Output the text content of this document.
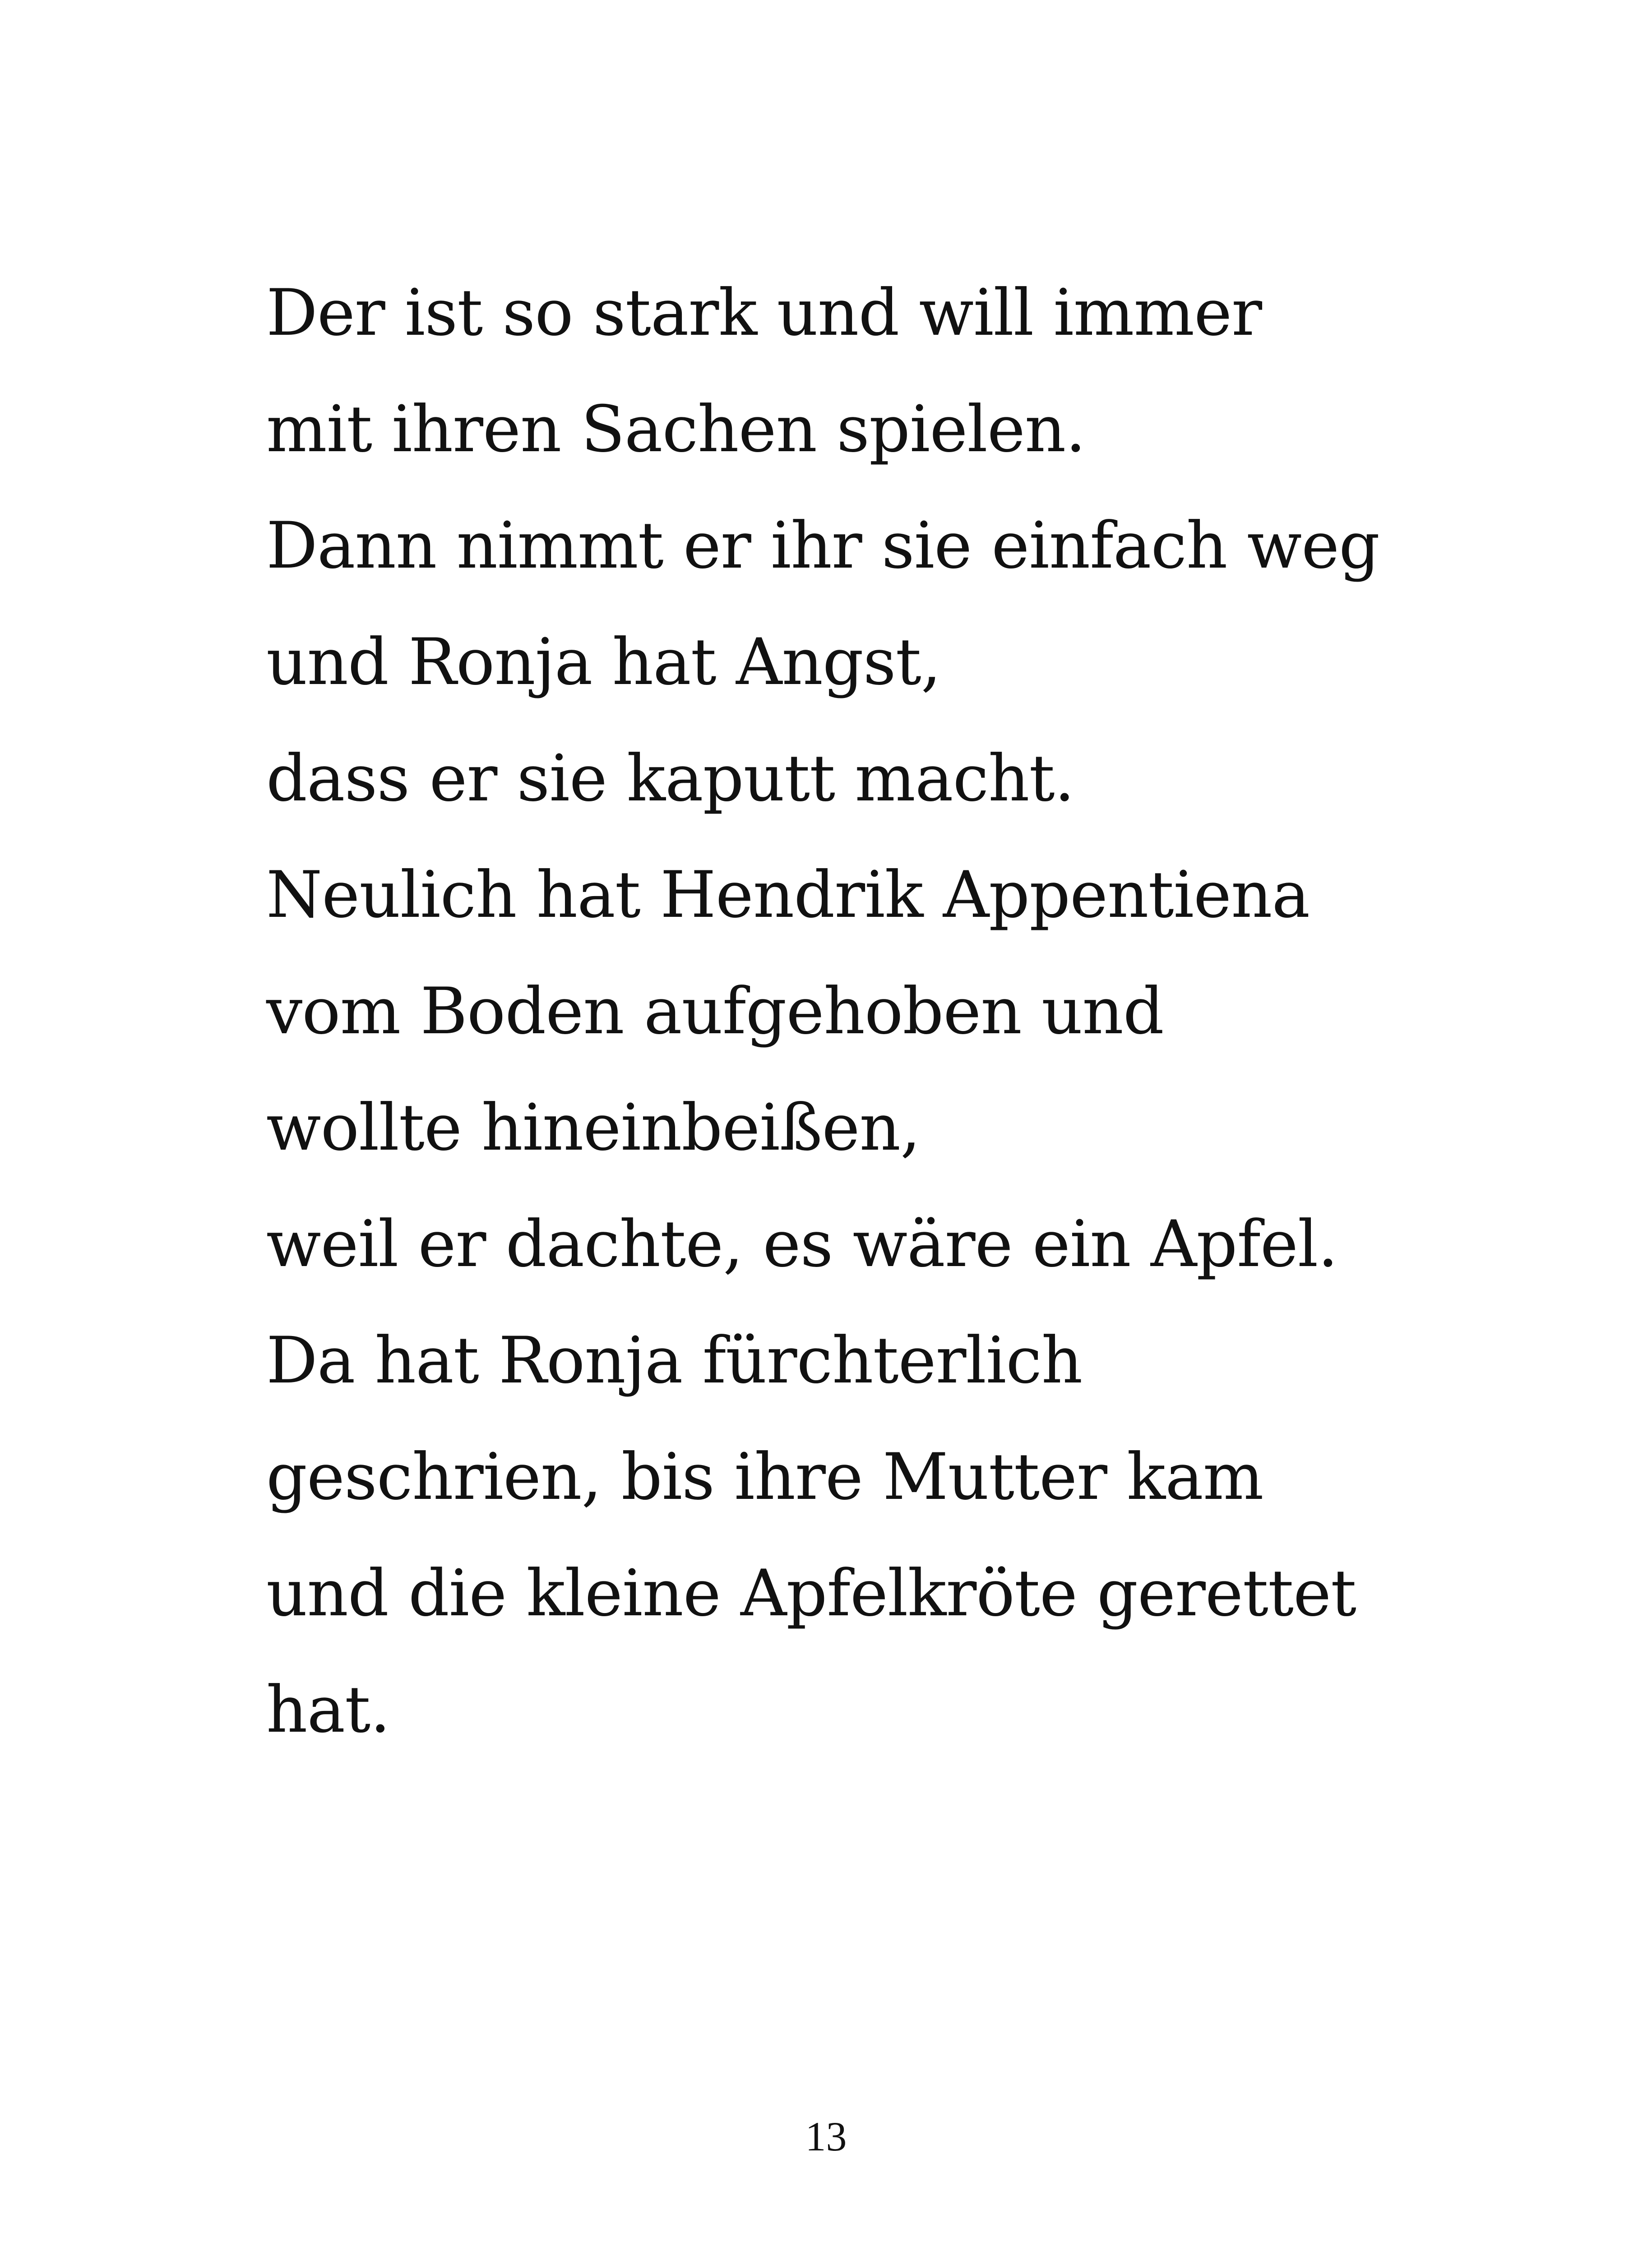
Der ist so stark und will immer
mit ihren Sachen spielen.
Dann nimmt er ihr sie einfach weg
und Ronja hat Angst,
dass er sie kaputt macht.
Neulich hat Hendrik Appentiena
vom Boden aufgehoben und
wollte hineinbeißen,
weil er dachte, es wäre ein Apfel.
Da hat Ronja fürchterlich
geschrien, bis ihre Mutter kam
und die kleine Apfelkröte gerettet
hat.
13
